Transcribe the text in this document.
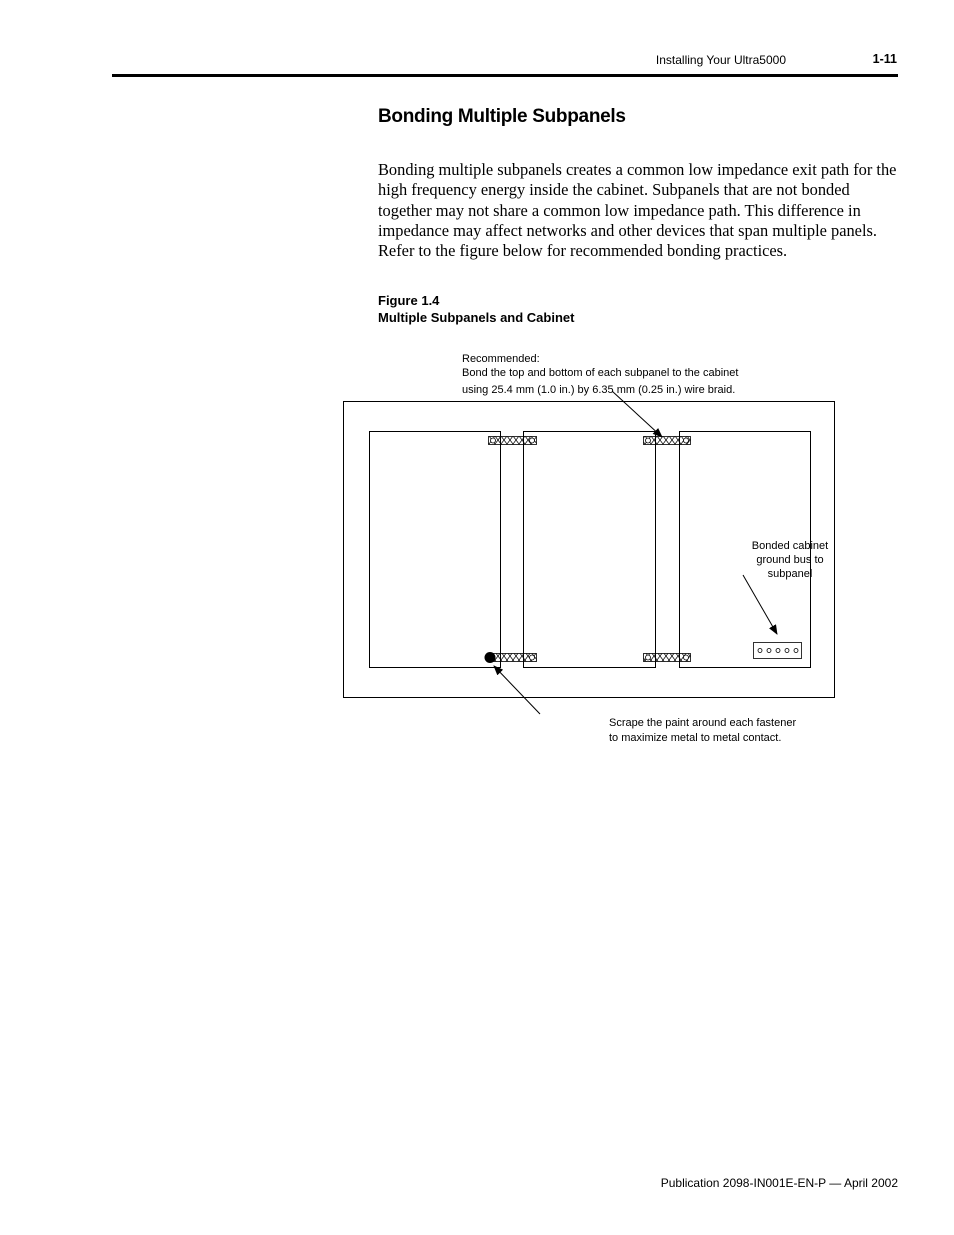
Installing Your Ultra5000	1-11
Bonding Multiple Subpanels
Bonding multiple subpanels creates a common low impedance exit path for the high frequency energy inside the cabinet. Subpanels that are not bonded together may not share a common low impedance path. This difference in impedance may affect networks and other devices that span multiple panels. Refer to the figure below for recommended bonding practices.
Figure 1.4
Multiple Subpanels and Cabinet
Recommended:
Bond the top and bottom of each subpanel to the cabinet
using 25.4 mm (1.0 in.) by 6.35 mm (0.25 in.) wire braid.
Bonded cabinet
ground bus to
subpanel
Scrape the paint around each fastener
to maximize metal to metal contact.
Publication 2098-IN001E-EN-P — April 2002
